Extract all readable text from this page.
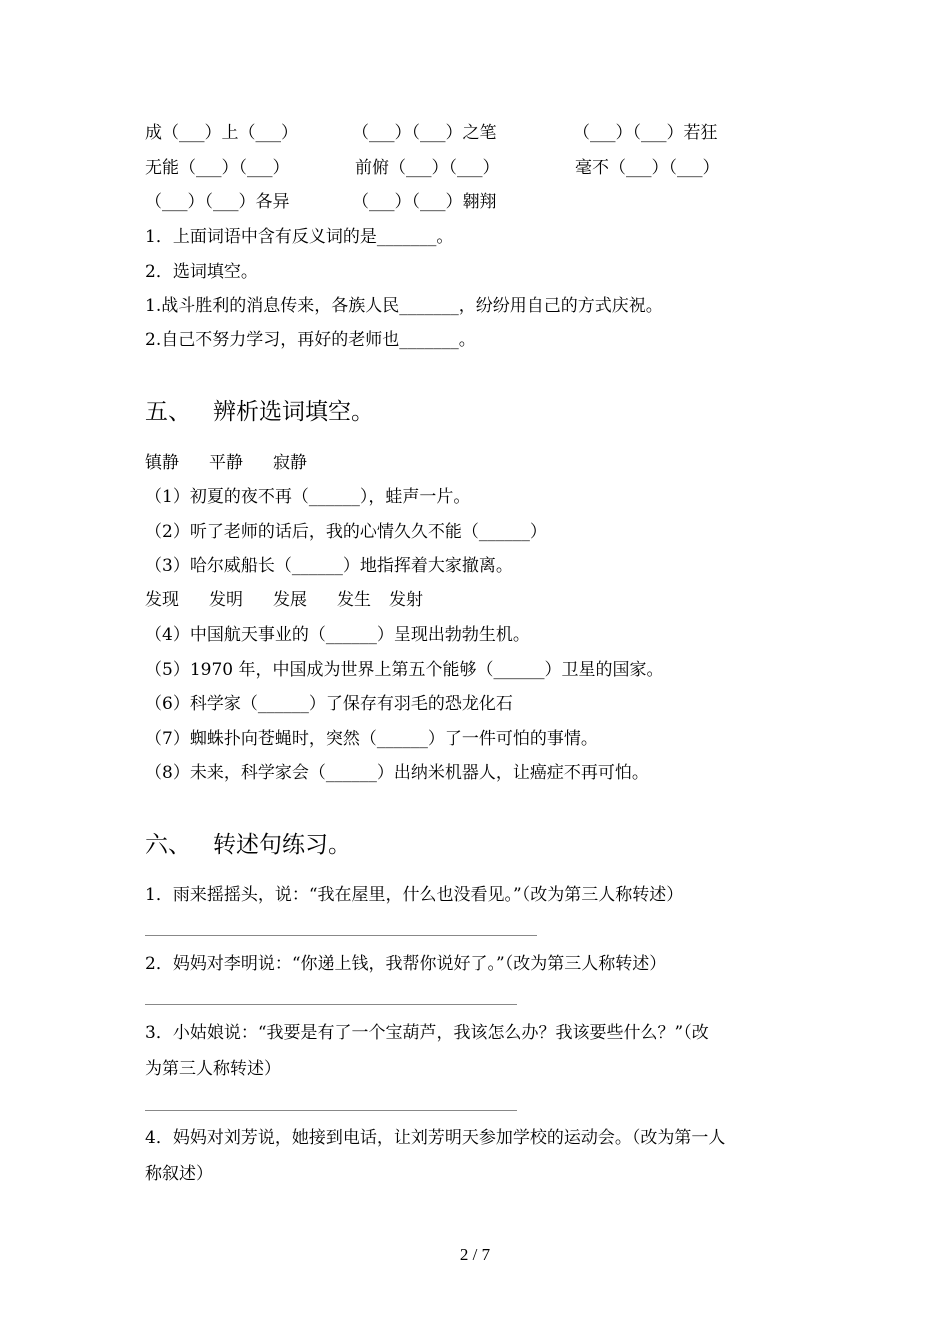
成（___）上（___）	（___）（___）之笔	（___）（___）若狂
无能（___）（___）	前俯（___）（___）	毫不（___）（___）
（___）（___）各异	（___）（___）翱翔
1．上面词语中含有反义词的是_______。
2．选词填空。
1.战斗胜利的消息传来，各族人民_______，纷纷用自己的方式庆祝。
2.自己不努力学习，再好的老师也_______。
五、 辨析选词填空。
镇静 平静 寂静
（1）初夏的夜不再（______），蛙声一片。
（2）听了老师的话后，我的心情久久不能（______）
（3）哈尔威船长（______）地指挥着大家撤离。
发现 发明 发展 发生 发射
（4）中国航天事业的（______）呈现出勃勃生机。
（5）1970 年，中国成为世界上第五个能够（______）卫星的国家。
（6）科学家（______）了保存有羽毛的恐龙化石
（7）蜘蛛扑向苍蝇时，突然（______）了一件可怕的事情。
（8）未来，科学家会（______）出纳米机器人，让癌症不再可怕。
六、 转述句练习。
1．雨来摇摇头，说：“我在屋里，什么也没看见。”（改为第三人称转述）
2．妈妈对李明说：“你递上钱，我帮你说好了。”（改为第三人称转述）
3．小姑娘说：“我要是有了一个宝葫芦，我该怎么办？我该要些什么？”（改
为第三人称转述）
4．妈妈对刘芳说，她接到电话，让刘芳明天参加学校的运动会。（改为第一人
称叙述）
2 / 7
